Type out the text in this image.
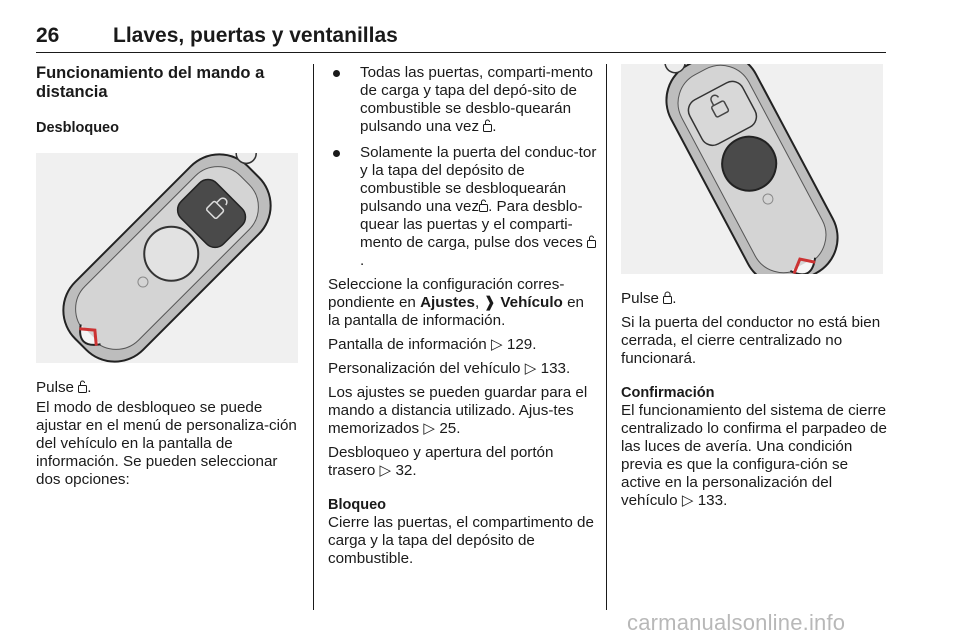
26	Llaves, puertas y ventanillas
Funcionamiento del mando a distancia
Desbloqueo

Pulse .

El modo de desbloqueo se puede ajustar en el menú de personaliza-ción del vehículo en la pantalla de información. Se pueden seleccionar dos opciones:

Todas las puertas, comparti-mento de carga y tapa del depó-sito de combustible se desblo-quearán pulsando una vez .
Solamente la puerta del conduc-tor y la tapa del depósito de combustible se desbloquearán pulsando una vez . Para desblo-quear las puertas y el comparti-mento de carga, pulse dos veces .

Seleccione la configuración corres-pondiente en Ajustes, ❱ Vehículo en la pantalla de información.

Pantalla de información ▷ 129.

Personalización del vehículo ▷ 133.

Los ajustes se pueden guardar para el mando a distancia utilizado. Ajus-tes memorizados ▷ 25.

Desbloqueo y apertura del portón trasero ▷ 32.

Bloqueo

Cierre las puertas, el compartimento de carga y la tapa del depósito de combustible.

Pulse .

Si la puerta del conductor no está bien cerrada, el cierre centralizado no funcionará.

Confirmación

El funcionamiento del sistema de cierre centralizado lo confirma el parpadeo de las luces de avería. Una condición previa es que la configura-ción se active en la personalización del vehículo ▷ 133.

carmanualsonline.info
